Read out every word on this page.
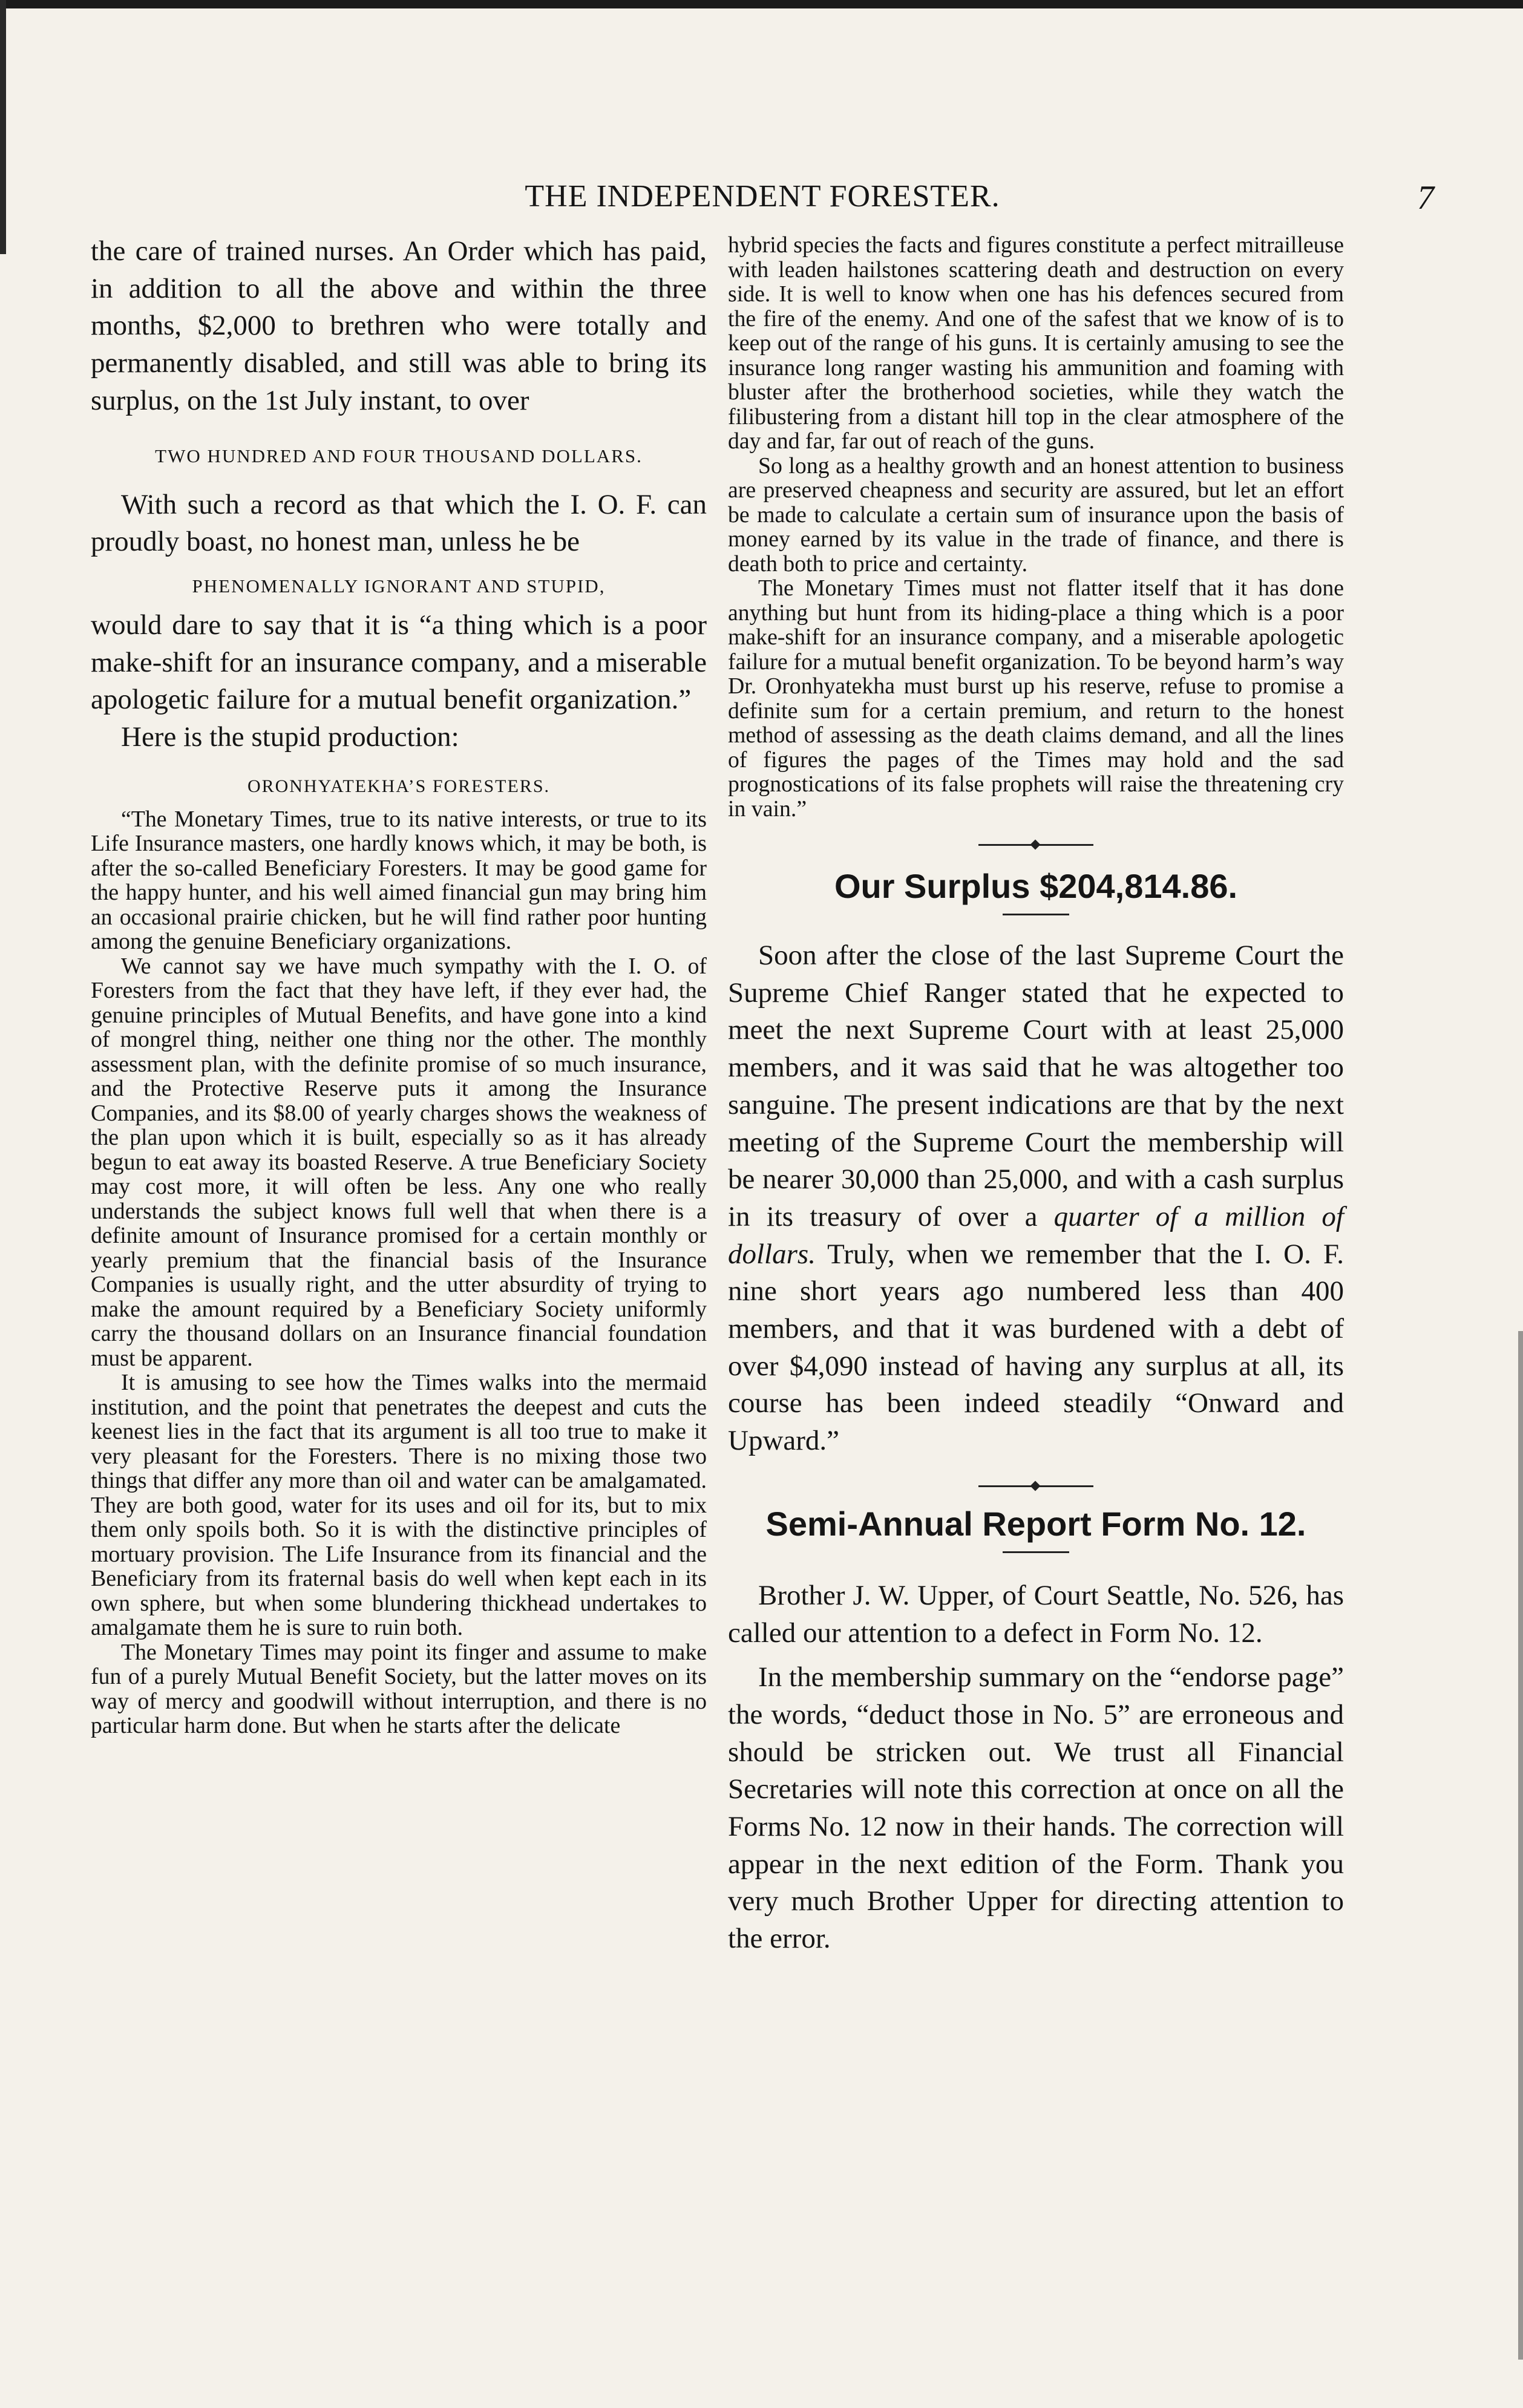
THE INDEPENDENT FORESTER.	7

the care of trained nurses. An Order which has paid, in addition to all the above and within the three months, $2,000 to brethren who were totally and permanently disabled, and still was able to bring its surplus, on the 1st July instant, to over

TWO HUNDRED AND FOUR THOUSAND DOLLARS.

With such a record as that which the I. O. F. can proudly boast, no honest man, unless he be

PHENOMENALLY IGNORANT AND STUPID,

would dare to say that it is “a thing which is a poor make-shift for an insurance company, and a miserable apologetic failure for a mutual benefit organization.”

Here is the stupid production:

ORONHYATEKHA’S FORESTERS.

“The Monetary Times, true to its native interests, or true to its Life Insurance masters, one hardly knows which, it may be both, is after the so-called Beneficiary Foresters. It may be good game for the happy hunter, and his well aimed financial gun may bring him an occasional prairie chicken, but he will find rather poor hunting among the genuine Beneficiary organizations.

We cannot say we have much sympathy with the I. O. of Foresters from the fact that they have left, if they ever had, the genuine principles of Mutual Benefits, and have gone into a kind of mongrel thing, neither one thing nor the other. The monthly assessment plan, with the definite promise of so much insurance, and the Protective Reserve puts it among the Insurance Companies, and its $8.00 of yearly charges shows the weakness of the plan upon which it is built, especially so as it has already begun to eat away its boasted Reserve. A true Beneficiary Society may cost more, it will often be less. Any one who really understands the subject knows full well that when there is a definite amount of Insurance promised for a certain monthly or yearly premium that the financial basis of the Insurance Companies is usually right, and the utter absurdity of trying to make the amount required by a Beneficiary Society uniformly carry the thousand dollars on an Insurance financial foundation must be apparent.

It is amusing to see how the Times walks into the mermaid institution, and the point that penetrates the deepest and cuts the keenest lies in the fact that its argument is all too true to make it very pleasant for the Foresters. There is no mixing those two things that differ any more than oil and water can be amalgamated. They are both good, water for its uses and oil for its, but to mix them only spoils both. So it is with the distinctive principles of mortuary provision. The Life Insurance from its financial and the Beneficiary from its fraternal basis do well when kept each in its own sphere, but when some blundering thickhead undertakes to amalgamate them he is sure to ruin both.

The Monetary Times may point its finger and assume to make fun of a purely Mutual Benefit Society, but the latter moves on its way of mercy and goodwill without interruption, and there is no particular harm done. But when he starts after the delicate

hybrid species the facts and figures constitute a perfect mitrailleuse with leaden hailstones scattering death and destruction on every side. It is well to know when one has his defences secured from the fire of the enemy. And one of the safest that we know of is to keep out of the range of his guns. It is certainly amusing to see the insurance long ranger wasting his ammunition and foaming with bluster after the brotherhood societies, while they watch the filibustering from a distant hill top in the clear atmosphere of the day and far, far out of reach of the guns.

So long as a healthy growth and an honest attention to business are preserved cheapness and security are assured, but let an effort be made to calculate a certain sum of insurance upon the basis of money earned by its value in the trade of finance, and there is death both to price and certainty.

The Monetary Times must not flatter itself that it has done anything but hunt from its hiding-place a thing which is a poor make-shift for an insurance company, and a miserable apologetic failure for a mutual benefit organization. To be beyond harm’s way Dr. Oronhyatekha must burst up his reserve, refuse to promise a definite sum for a certain premium, and return to the honest method of assessing as the death claims demand, and all the lines of figures the pages of the Times may hold and the sad prognostications of its false prophets will raise the threatening cry in vain.”

Our Surplus $204,814.86.

Soon after the close of the last Supreme Court the Supreme Chief Ranger stated that he expected to meet the next Supreme Court with at least 25,000 members, and it was said that he was altogether too sanguine. The present indications are that by the next meeting of the Supreme Court the membership will be nearer 30,000 than 25,000, and with a cash surplus in its treasury of over a quarter of a million of dollars. Truly, when we remember that the I. O. F. nine short years ago numbered less than 400 members, and that it was burdened with a debt of over $4,090 instead of having any surplus at all, its course has been indeed steadily “Onward and Upward.”

Semi-Annual Report Form No. 12.

Brother J. W. Upper, of Court Seattle, No. 526, has called our attention to a defect in Form No. 12.

In the membership summary on the “endorse page” the words, “deduct those in No. 5” are erroneous and should be stricken out. We trust all Financial Secretaries will note this correction at once on all the Forms No. 12 now in their hands. The correction will appear in the next edition of the Form. Thank you very much Brother Upper for directing attention to the error.
